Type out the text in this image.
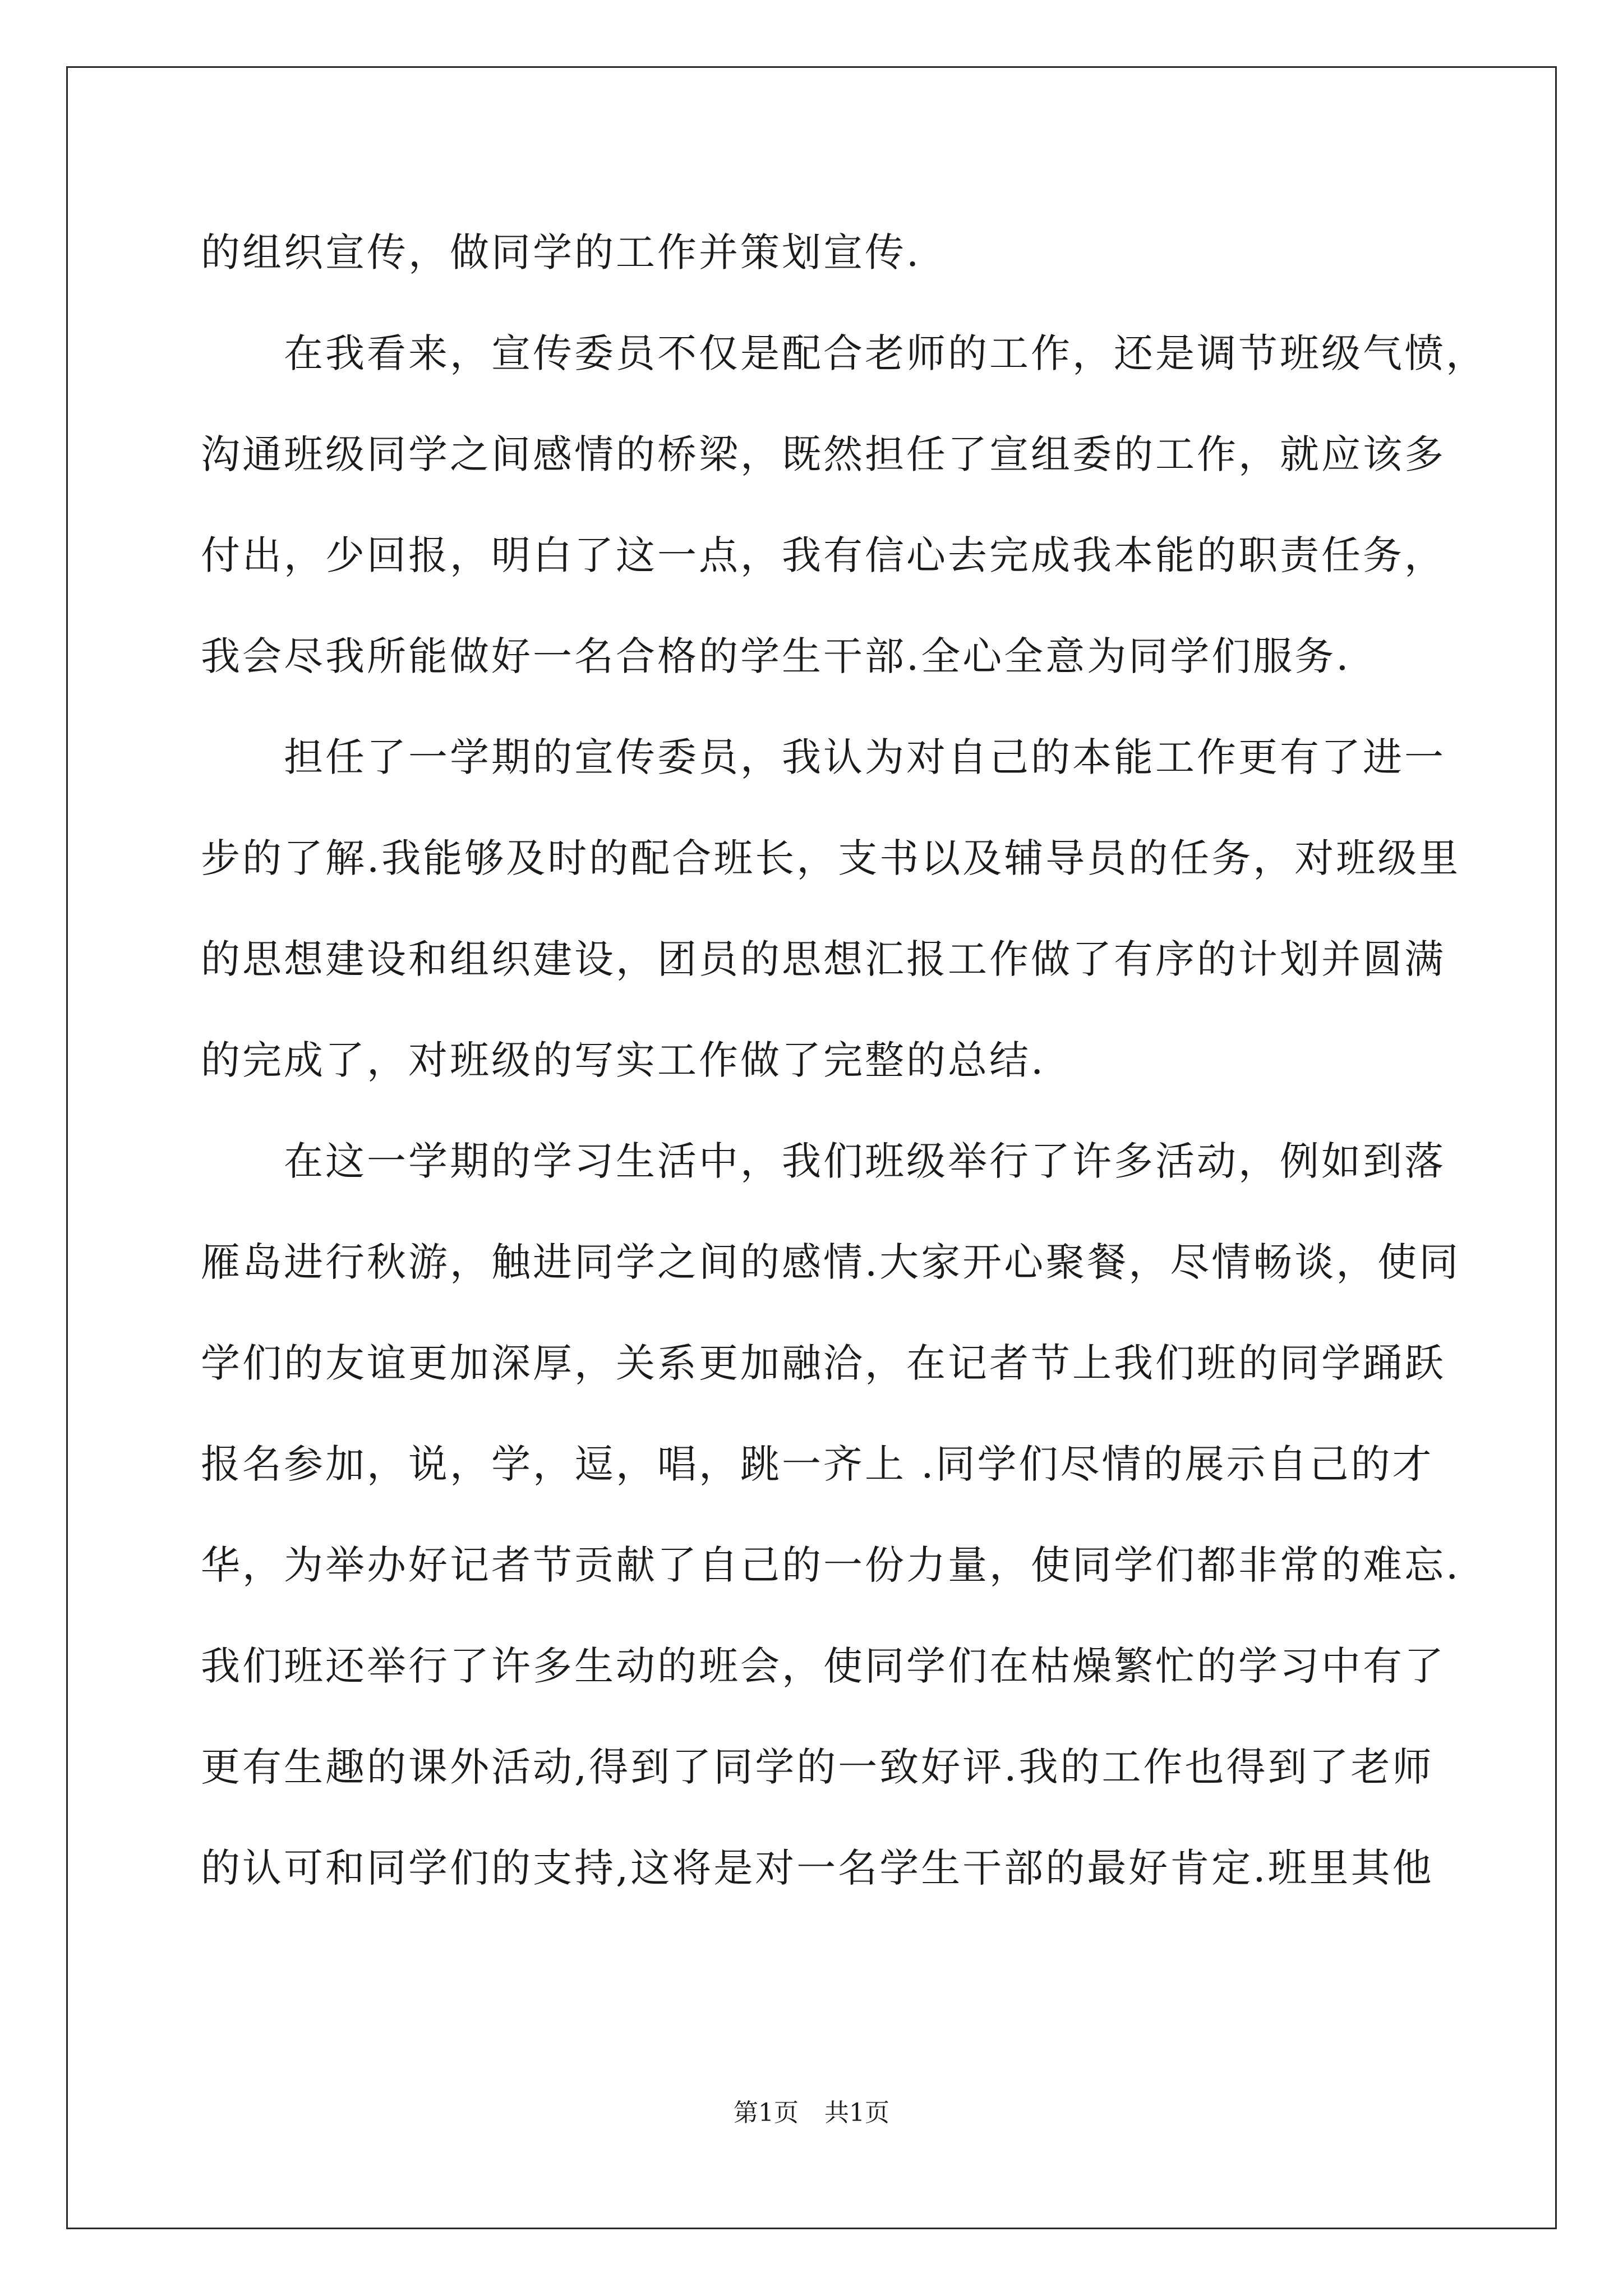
的组织宣传，做同学的工作并策划宣传.
在我看来，宣传委员不仅是配合老师的工作，还是调节班级气愤，
沟通班级同学之间感情的桥梁，既然担任了宣组委的工作，就应该多
付出，少回报，明白了这一点，我有信心去完成我本能的职责任务，
我会尽我所能做好一名合格的学生干部.全心全意为同学们服务.
担任了一学期的宣传委员，我认为对自己的本能工作更有了进一
步的了解.我能够及时的配合班长，支书以及辅导员的任务，对班级里
的思想建设和组织建设，团员的思想汇报工作做了有序的计划并圆满
的完成了，对班级的写实工作做了完整的总结.
在这一学期的学习生活中，我们班级举行了许多活动，例如到落
雁岛进行秋游，触进同学之间的感情.大家开心聚餐，尽情畅谈，使同
学们的友谊更加深厚，关系更加融洽，在记者节上我们班的同学踊跃
报名参加，说，学，逗，唱，跳一齐上 .同学们尽情的展示自己的才
华，为举办好记者节贡献了自己的一份力量，使同学们都非常的难忘.
我们班还举行了许多生动的班会，使同学们在枯燥繁忙的学习中有了
更有生趣的课外活动,得到了同学的一致好评.我的工作也得到了老师
的认可和同学们的支持,这将是对一名学生干部的最好肯定.班里其他
第1页 共1页
